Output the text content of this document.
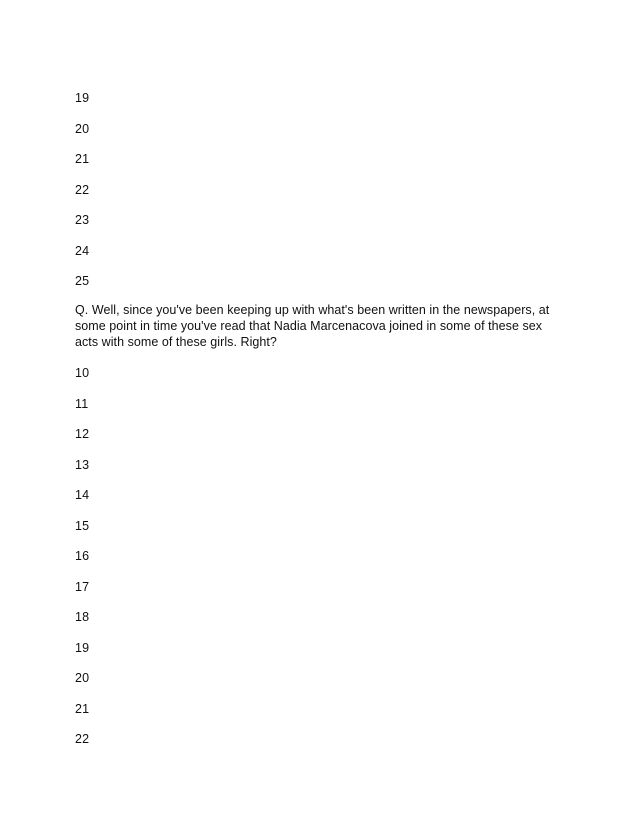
19
20
21
22
23
24
25
Q. Well, since you've been keeping up with what's been written in the newspapers, at some point in time you've read that Nadia Marcenacova joined in some of these sex acts with some of these girls. Right?
10
11
12
13
14
15
16
17
18
19
20
21
22
